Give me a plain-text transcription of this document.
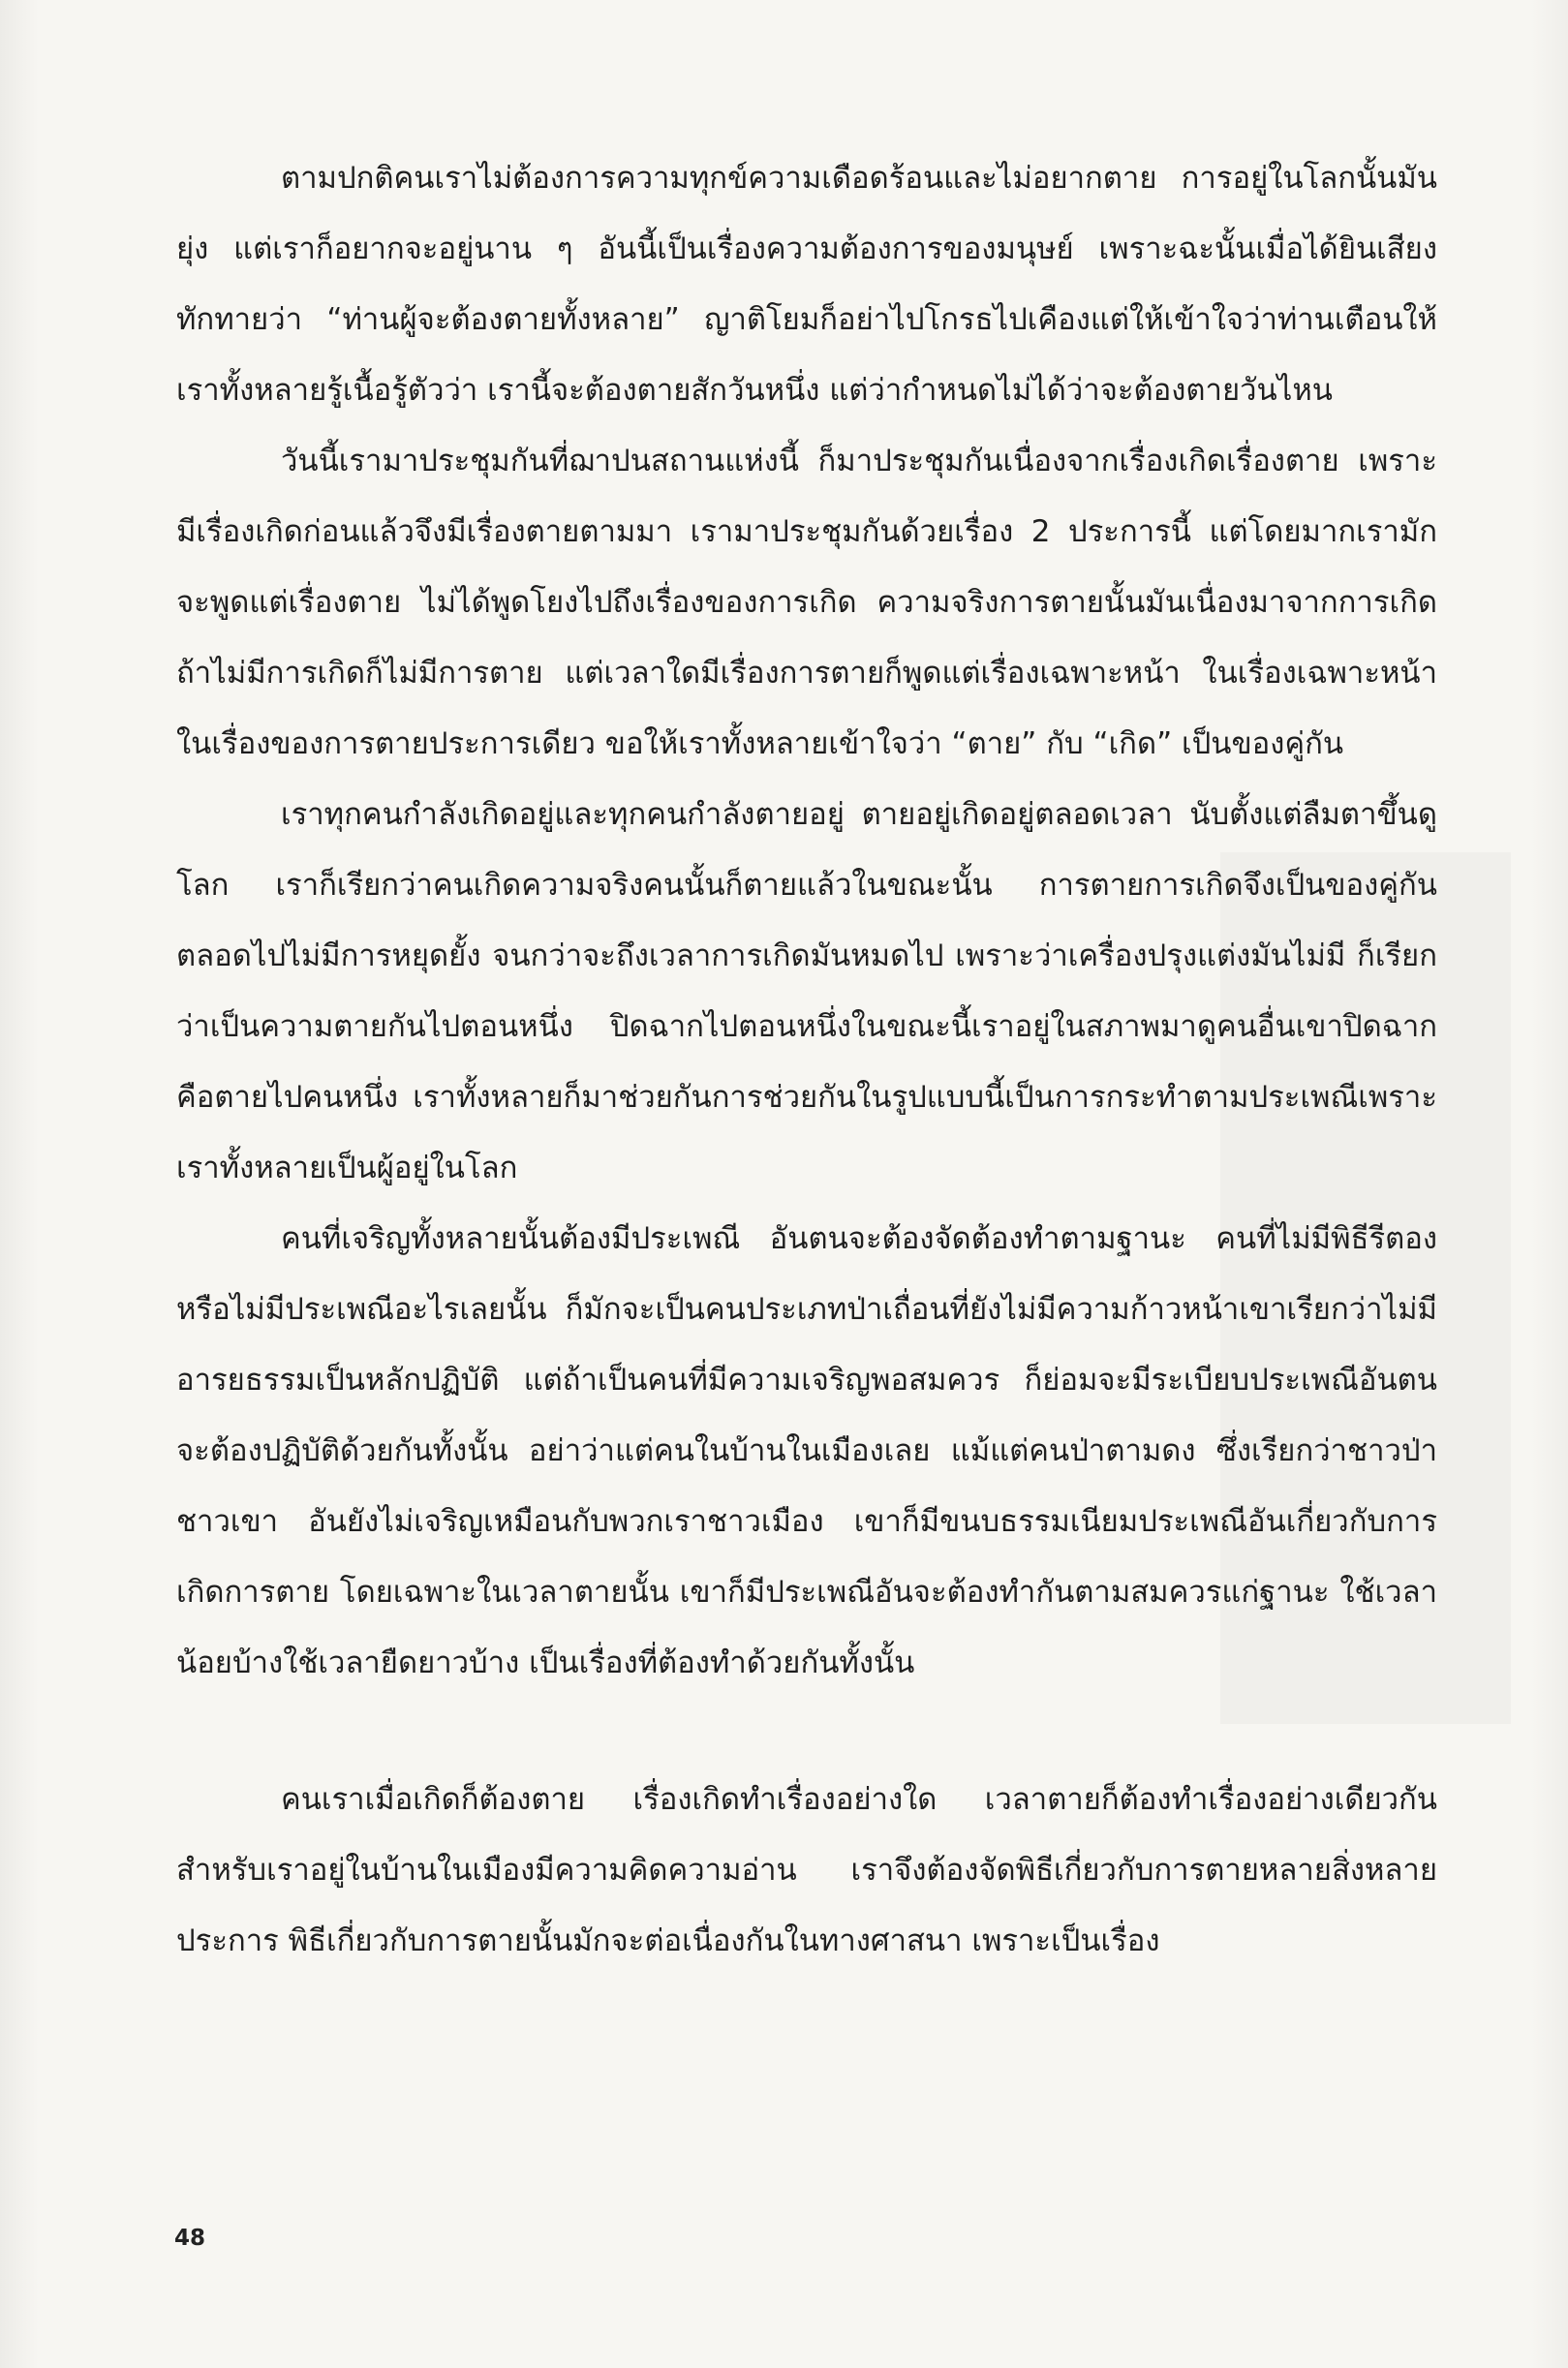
ตามปกติคนเราไม่ต้องการความทุกข์ความเดือดร้อนและไม่อยากตาย การอยู่ในโลกนั้นมันยุ่ง แต่เราก็อยากจะอยู่นาน ๆ อันนี้เป็นเรื่องความต้องการของมนุษย์ เพราะฉะนั้นเมื่อได้ยินเสียงทักทายว่า “ท่านผู้จะต้องตายทั้งหลาย” ญาติโยมก็อย่าไปโกรธไปเคืองแต่ให้เข้าใจว่าท่านเตือนให้เราทั้งหลายรู้เนื้อรู้ตัวว่า เรานี้จะต้องตายสักวันหนึ่ง แต่ว่ากำหนดไม่ได้ว่าจะต้องตายวันไหน

วันนี้เรามาประชุมกันที่ฌาปนสถานแห่งนี้ ก็มาประชุมกันเนื่องจากเรื่องเกิดเรื่องตาย เพราะมีเรื่องเกิดก่อนแล้วจึงมีเรื่องตายตามมา เรามาประชุมกันด้วยเรื่อง 2 ประการนี้ แต่โดยมากเรามักจะพูดแต่เรื่องตาย ไม่ได้พูดโยงไปถึงเรื่องของการเกิด ความจริงการตายนั้นมันเนื่องมาจากการเกิด ถ้าไม่มีการเกิดก็ไม่มีการตาย แต่เวลาใดมีเรื่องการตายก็พูดแต่เรื่องเฉพาะหน้า ในเรื่องเฉพาะหน้า ในเรื่องของการตายประการเดียว ขอให้เราทั้งหลายเข้าใจว่า “ตาย” กับ “เกิด” เป็นของคู่กัน

เราทุกคนกำลังเกิดอยู่และทุกคนกำลังตายอยู่ ตายอยู่เกิดอยู่ตลอดเวลา นับตั้งแต่ลืมตาขึ้นดูโลก เราก็เรียกว่าคนเกิดความจริงคนนั้นก็ตายแล้วในขณะนั้น การตายการเกิดจึงเป็นของคู่กันตลอดไปไม่มีการหยุดยั้ง จนกว่าจะถึงเวลาการเกิดมันหมดไป เพราะว่าเครื่องปรุงแต่งมันไม่มี ก็เรียกว่าเป็นความตายกันไปตอนหนึ่ง ปิดฉากไปตอนหนึ่งในขณะนี้เราอยู่ในสภาพมาดูคนอื่นเขาปิดฉาก คือตายไปคนหนึ่ง เราทั้งหลายก็มาช่วยกันการช่วยกันในรูปแบบนี้เป็นการกระทำตามประเพณีเพราะเราทั้งหลายเป็นผู้อยู่ในโลก

คนที่เจริญทั้งหลายนั้นต้องมีประเพณี อันตนจะต้องจัดต้องทำตามฐานะ คนที่ไม่มีพิธีรีตองหรือไม่มีประเพณีอะไรเลยนั้น ก็มักจะเป็นคนประเภทป่าเถื่อนที่ยังไม่มีความก้าวหน้าเขาเรียกว่าไม่มีอารยธรรมเป็นหลักปฏิบัติ แต่ถ้าเป็นคนที่มีความเจริญพอสมควร ก็ย่อมจะมีระเบียบประเพณีอันตนจะต้องปฏิบัติด้วยกันทั้งนั้น อย่าว่าแต่คนในบ้านในเมืองเลย แม้แต่คนป่าตามดง ซึ่งเรียกว่าชาวป่าชาวเขา อันยังไม่เจริญเหมือนกับพวกเราชาวเมือง เขาก็มีขนบธรรมเนียมประเพณีอันเกี่ยวกับการเกิดการตาย โดยเฉพาะในเวลาตายนั้น เขาก็มีประเพณีอันจะต้องทำกันตามสมควรแก่ฐานะ ใช้เวลาน้อยบ้างใช้เวลายืดยาวบ้าง เป็นเรื่องที่ต้องทำด้วยกันทั้งนั้น

คนเราเมื่อเกิดก็ต้องตาย เรื่องเกิดทำเรื่องอย่างใด เวลาตายก็ต้องทำเรื่องอย่างเดียวกันสำหรับเราอยู่ในบ้านในเมืองมีความคิดความอ่าน เราจึงต้องจัดพิธีเกี่ยวกับการตายหลายสิ่งหลายประการ พิธีเกี่ยวกับการตายนั้นมักจะต่อเนื่องกันในทางศาสนา เพราะเป็นเรื่อง

48
